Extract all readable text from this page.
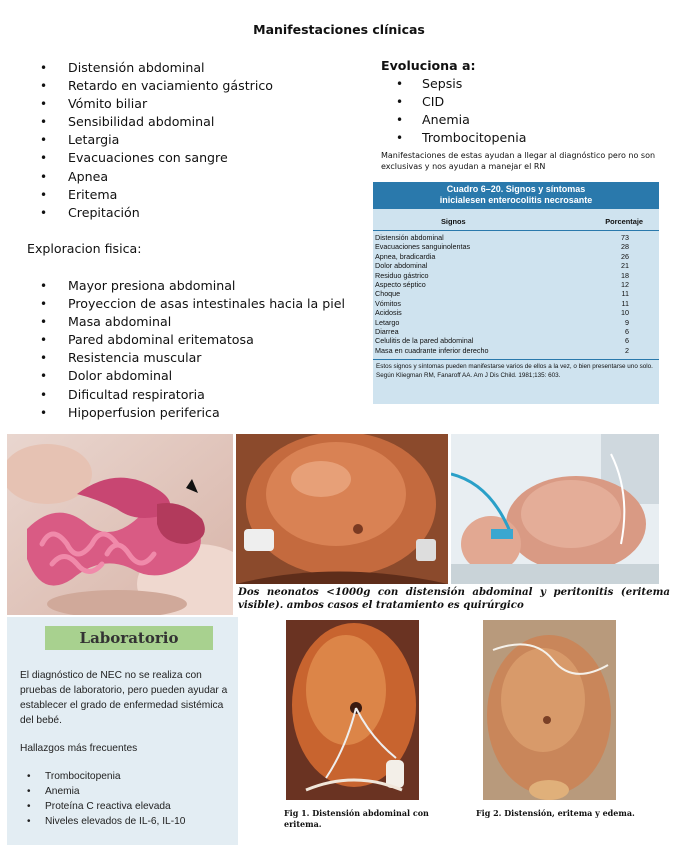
Manifestaciones clínicas
• Distensión abdominal
• Retardo en vaciamiento gástrico
• Vómito biliar
• Sensibilidad abdominal
• Letargia
• Evacuaciones con sangre
• Apnea
• Eritema
• Crepitación
Exploracion fisica:
• Mayor presiona abdominal
• Proyeccion de asas intestinales hacia la piel
• Masa abdominal
• Pared abdominal eritematosa
• Resistencia muscular
• Dolor abdominal
• Dificultad respiratoria
• Hipoperfusion periferica
Evoluciona a:
• Sepsis
• CID
• Anemia
• Trombocitopenia
Manifestaciones de estas ayudan a llegar al diagnóstico pero no son exclusivas y nos ayudan a manejar el RN
Cuadro 6–20. Signos y síntomas
inicialesen enterocolitis necrosante
Signos	Porcentaje
Distensión abdominal	73
Evacuaciones sanguinolentas	28
Apnea, bradicardia	26
Dolor abdominal	21
Residuo gástrico	18
Aspecto séptico	12
Choque	11
Vómitos	11
Acidosis	10
Letargo	9
Diarrea	6
Celulitis de la pared abdominal	6
Masa en cuadrante inferior derecho	2
Estos signos y síntomas pueden manifestarse varios de ellos a la vez, o bien presentarse uno solo. Según Kliegman RM, Fanaroff AA. Am J Dis Child. 1981;135: 603.
Dos neonatos <1000g con distensión abdominal y peritonitis (eritema visible). ambos casos el tratamiento es quirúrgico
Laboratorio
El diagnóstico de NEC no se realiza con pruebas de laboratorio, pero pueden ayudar a establecer el grado de enfermedad sistémica del bebé.
Hallazgos más frecuentes
• Trombocitopenia
• Anemia
• Proteína C reactiva elevada
• Niveles elevados de IL-6, IL-10
Fig 1. Distensión abdominal con eritema.
Fig 2. Distensión, eritema y edema.
